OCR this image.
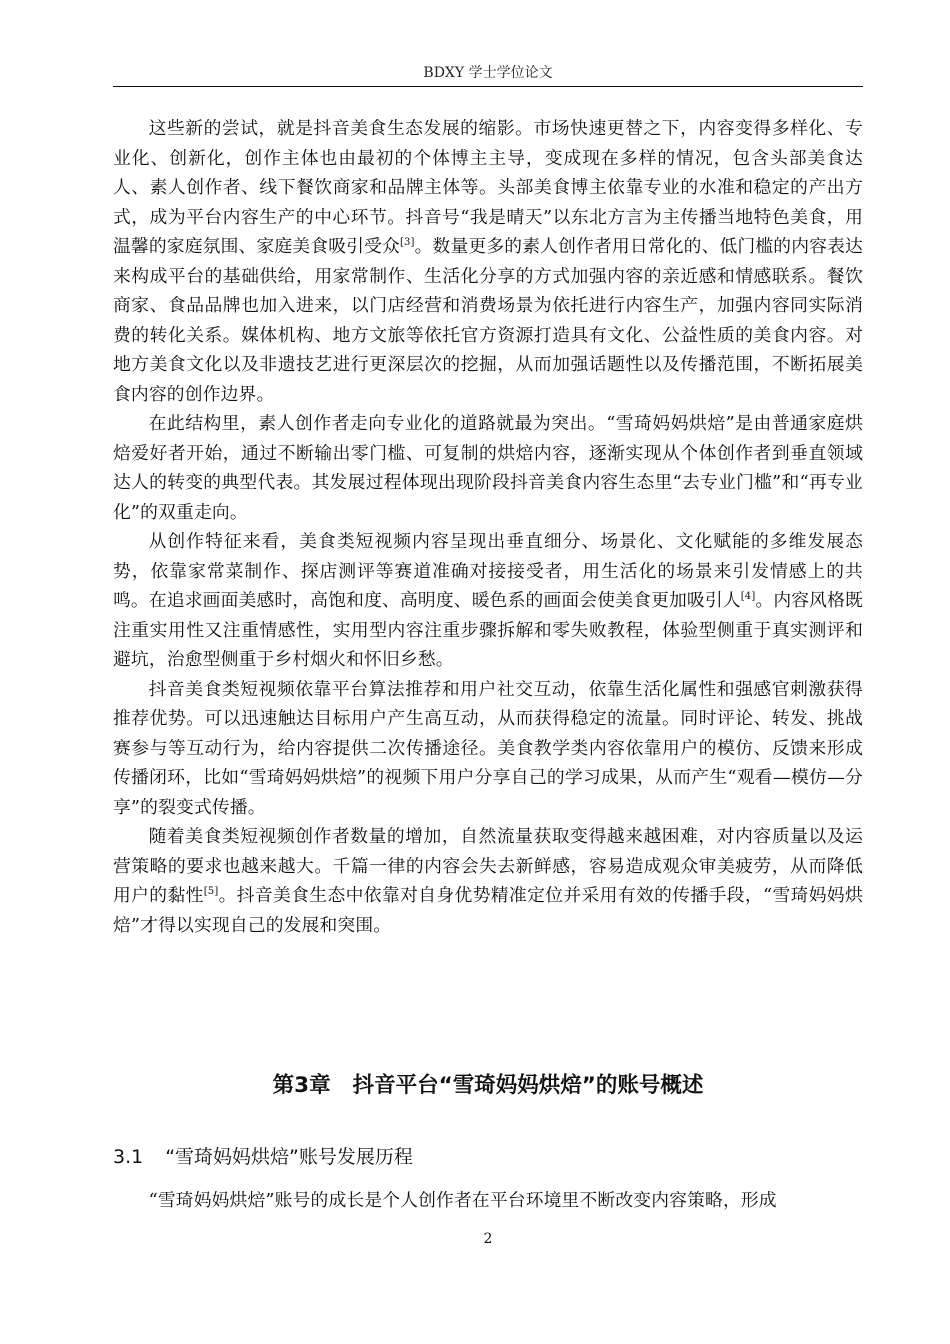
BDXY 学士学位论文

这些新的尝试，就是抖音美食生态发展的缩影。市场快速更替之下，内容变得多样化、专业化、创新化，创作主体也由最初的个体博主主导，变成现在多样的情况，包含头部美食达人、素人创作者、线下餐饮商家和品牌主体等。头部美食博主依靠专业的水准和稳定的产出方式，成为平台内容生产的中心环节。抖音号“我是晴天”以东北方言为主传播当地特色美食，用温馨的家庭氛围、家庭美食吸引受众[3]。数量更多的素人创作者用日常化的、低门槛的内容表达来构成平台的基础供给，用家常制作、生活化分享的方式加强内容的亲近感和情感联系。餐饮商家、食品品牌也加入进来，以门店经营和消费场景为依托进行内容生产，加强内容同实际消费的转化关系。媒体机构、地方文旅等依托官方资源打造具有文化、公益性质的美食内容。对地方美食文化以及非遗技艺进行更深层次的挖掘，从而加强话题性以及传播范围，不断拓展美食内容的创作边界。

在此结构里，素人创作者走向专业化的道路就最为突出。“雪琦妈妈烘焙”是由普通家庭烘焙爱好者开始，通过不断输出零门槛、可复制的烘焙内容，逐渐实现从个体创作者到垂直领域达人的转变的典型代表。其发展过程体现出现阶段抖音美食内容生态里“去专业门槛”和“再专业化”的双重走向。

从创作特征来看，美食类短视频内容呈现出垂直细分、场景化、文化赋能的多维发展态势，依靠家常菜制作、探店测评等赛道准确对接接受者，用生活化的场景来引发情感上的共鸣。在追求画面美感时，高饱和度、高明度、暖色系的画面会使美食更加吸引人[4]。内容风格既注重实用性又注重情感性，实用型内容注重步骤拆解和零失败教程，体验型侧重于真实测评和避坑，治愈型侧重于乡村烟火和怀旧乡愁。

抖音美食类短视频依靠平台算法推荐和用户社交互动，依靠生活化属性和强感官刺激获得推荐优势。可以迅速触达目标用户产生高互动，从而获得稳定的流量。同时评论、转发、挑战赛参与等互动行为，给内容提供二次传播途径。美食教学类内容依靠用户的模仿、反馈来形成传播闭环，比如“雪琦妈妈烘焙”的视频下用户分享自己的学习成果，从而产生“观看—模仿—分享”的裂变式传播。

随着美食类短视频创作者数量的增加，自然流量获取变得越来越困难，对内容质量以及运营策略的要求也越来越大。千篇一律的内容会失去新鲜感，容易造成观众审美疲劳，从而降低用户的黏性[5]。抖音美食生态中依靠对自身优势精准定位并采用有效的传播手段，“雪琦妈妈烘焙”才得以实现自己的发展和突围。

第3章 抖音平台“雪琦妈妈烘焙”的账号概述
3.1 “雪琦妈妈烘焙”账号发展历程

“雪琦妈妈烘焙”账号的成长是个人创作者在平台环境里不断改变内容策略，形成

2
